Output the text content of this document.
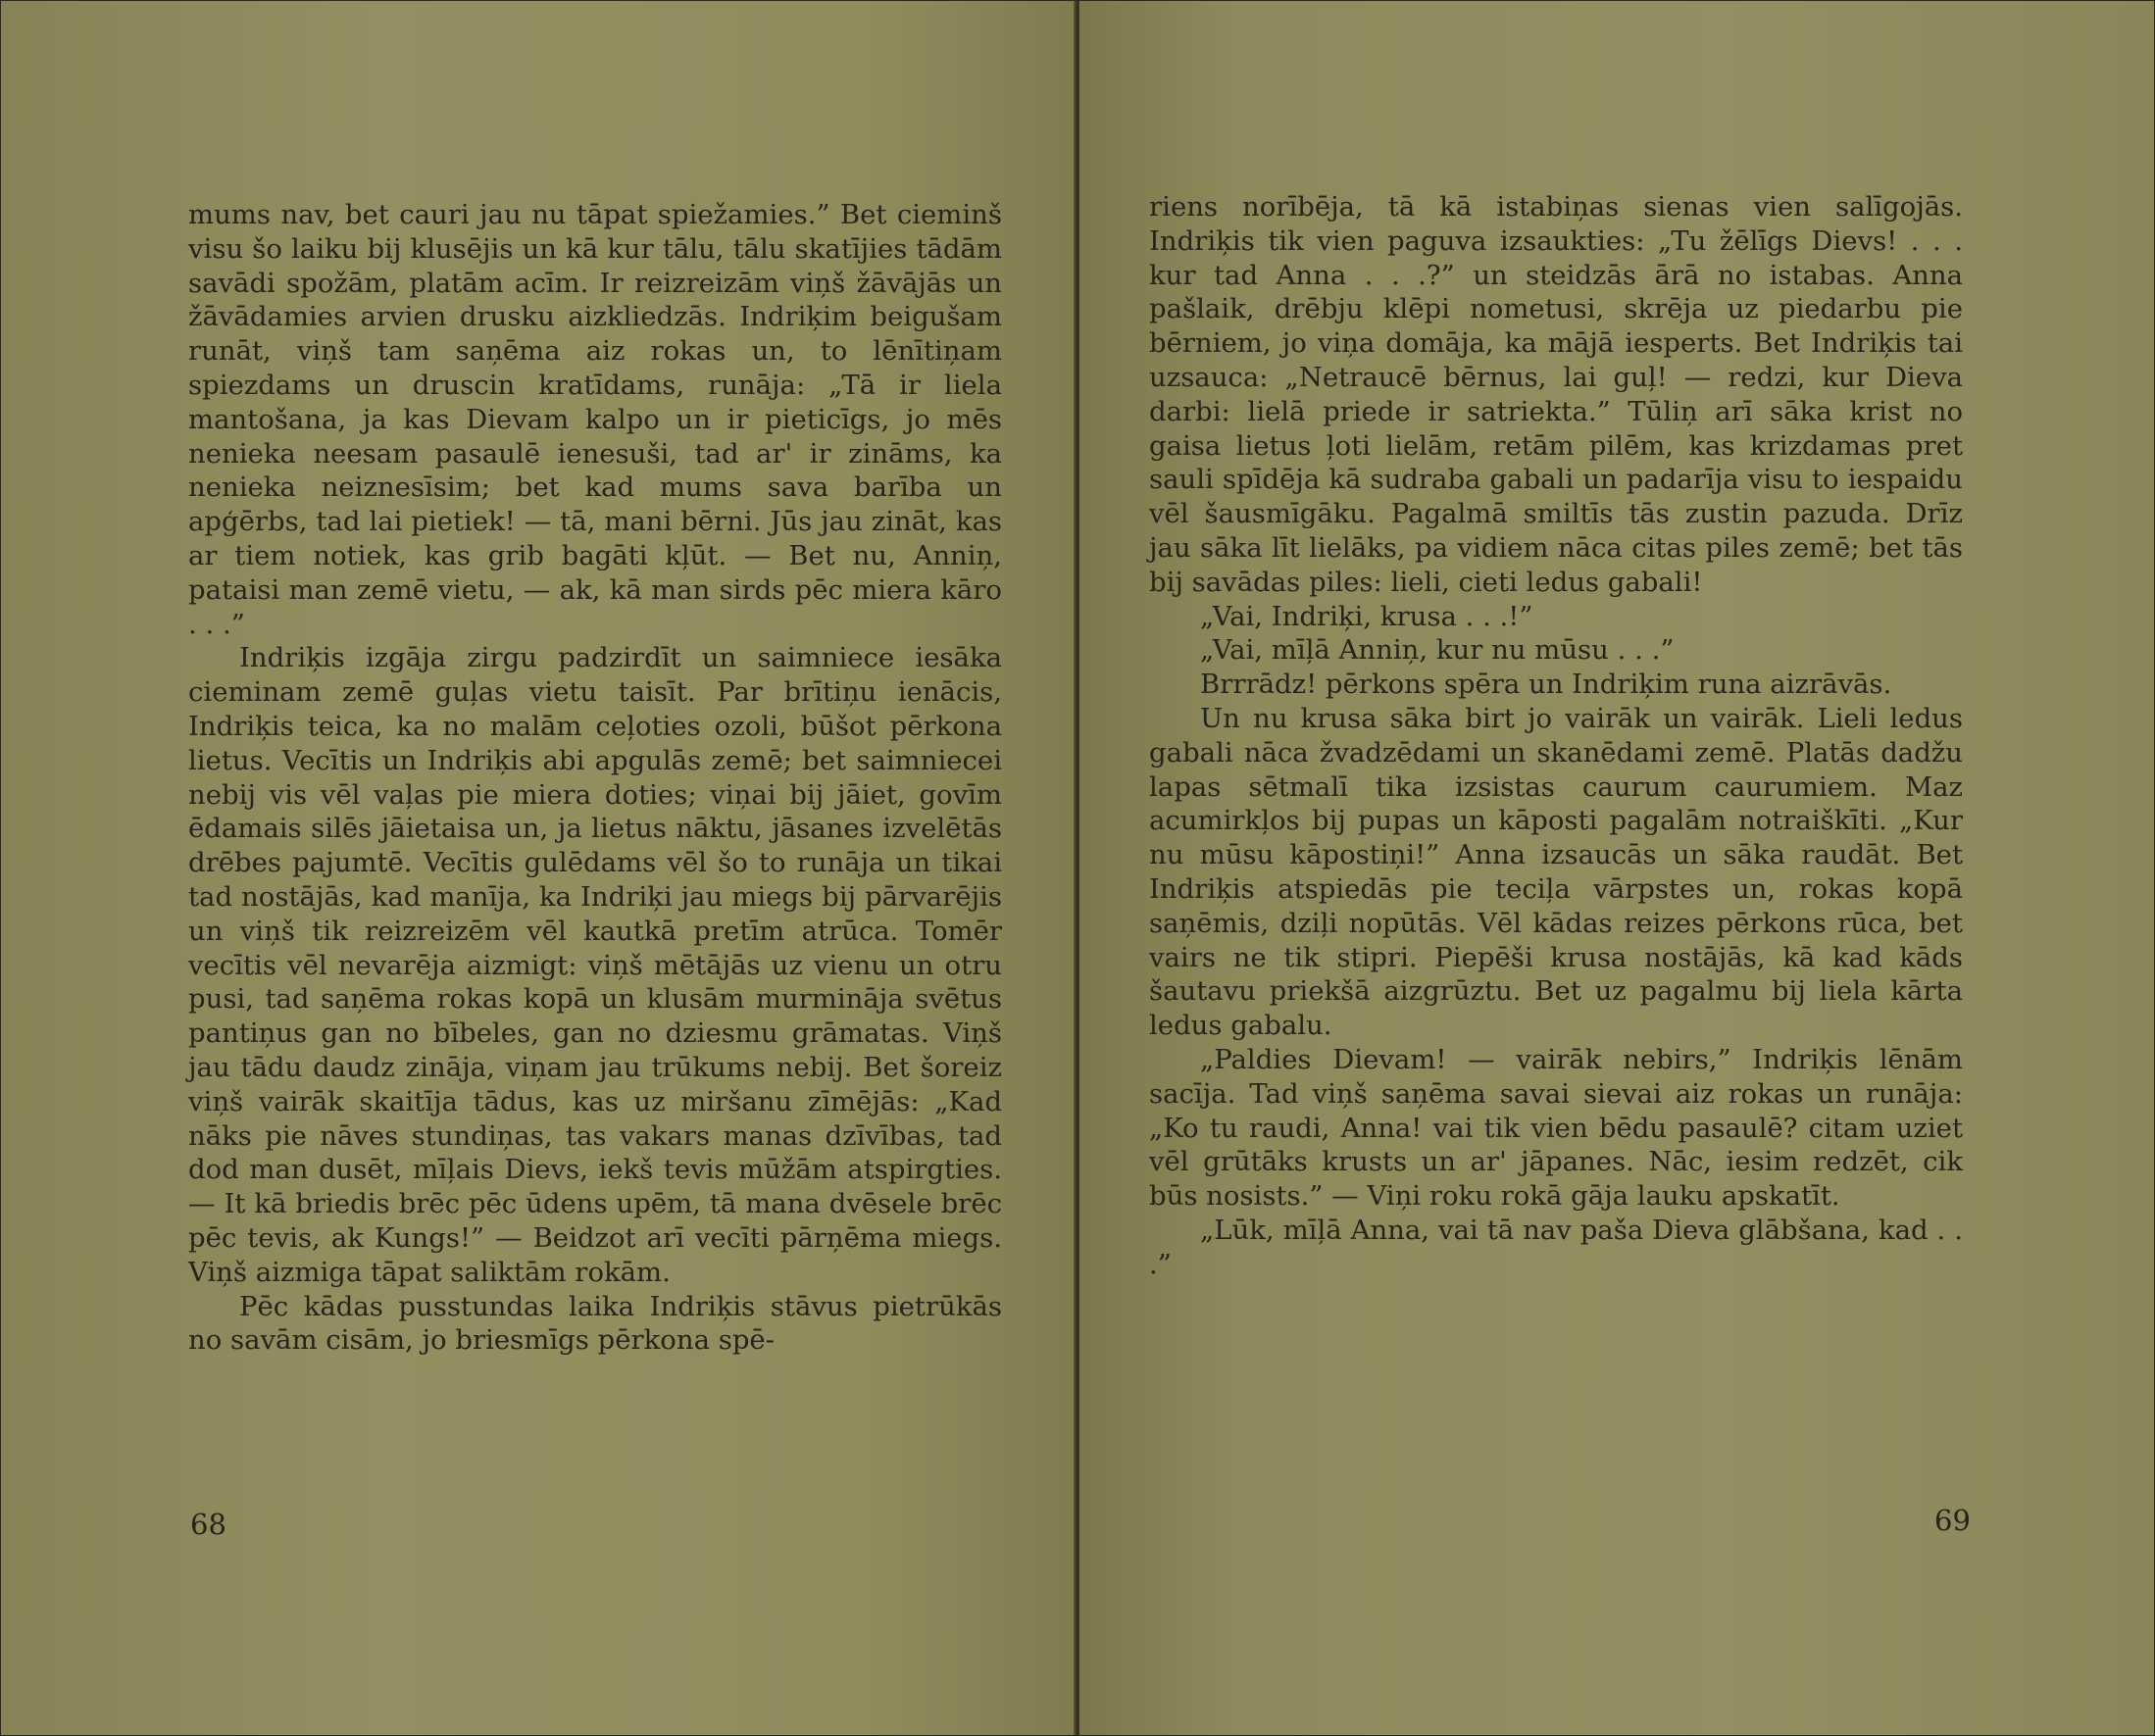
mums nav, bet cauri jau nu tāpat spiežamies.” Bet cieminš visu šo laiku bij klusējis un kā kur tālu, tālu skatījies tādām savādi spožām, platām acīm. Ir reizreizām viņš žāvājās un žāvādamies arvien drusku aizkliedzās. Indriķim beigušam runāt, viņš tam saņēma aiz rokas un, to lēnītiņam spiezdams un druscin kratīdams, runāja: „Tā ir liela mantošana, ja kas Dievam kalpo un ir pieticīgs, jo mēs nenieka neesam pasaulē ienesuši, tad ar' ir zināms, ka nenieka neiznesīsim; bet kad mums sava barība un apģērbs, tad lai pietiek! — tā, mani bērni. Jūs jau zināt, kas ar tiem notiek, kas grib bagāti kļūt. — Bet nu, Anniņ, pataisi man zemē vietu, — ak, kā man sirds pēc miera kāro . . .”

Indriķis izgāja zirgu padzirdīt un saimniece iesāka cieminam zemē guļas vietu taisīt. Par brītiņu ienācis, Indriķis teica, ka no malām ceļoties ozoli, būšot pērkona lietus. Vecītis un Indriķis abi apgulās zemē; bet saimniecei nebij vis vēl vaļas pie miera doties; viņai bij jāiet, govīm ēdamais silēs jāietaisa un, ja lietus nāktu, jāsanes izvelētās drēbes pajumtē. Vecītis gulēdams vēl šo to runāja un tikai tad nostājās, kad manīja, ka Indriķi jau miegs bij pārvarējis un viņš tik reizreizēm vēl kautkā pretīm atrūca. Tomēr vecītis vēl nevarēja aizmigt: viņš mētājās uz vienu un otru pusi, tad saņēma rokas kopā un klusām murmināja svētus pantiņus gan no bībeles, gan no dziesmu grāmatas. Viņš jau tādu daudz zināja, viņam jau trūkums nebij. Bet šoreiz viņš vairāk skaitīja tādus, kas uz miršanu zīmējās: „Kad nāks pie nāves stundiņas, tas vakars manas dzīvības, tad dod man dusēt, mīļais Dievs, iekš tevis mūžām atspirgties. — It kā briedis brēc pēc ūdens upēm, tā mana dvēsele brēc pēc tevis, ak Kungs!” — Beidzot arī vecīti pārņēma miegs. Viņš aizmiga tāpat saliktām rokām.

Pēc kādas pusstundas laika Indriķis stāvus pietrūkās no savām cisām, jo briesmīgs pērkona spē-

68

riens norībēja, tā kā istabiņas sienas vien salīgojās. Indriķis tik vien paguva izsaukties: „Tu žēlīgs Dievs! . . . kur tad Anna . . .?” un steidzās ārā no istabas. Anna pašlaik, drēbju klēpi nometusi, skrēja uz piedarbu pie bērniem, jo viņa domāja, ka mājā iesperts. Bet Indriķis tai uzsauca: „Netraucē bērnus, lai guļ! — redzi, kur Dieva darbi: lielā priede ir satriekta.” Tūliņ arī sāka krist no gaisa lietus ļoti lielām, retām pilēm, kas krizdamas pret sauli spīdēja kā sudraba gabali un padarīja visu to iespaidu vēl šausmīgāku. Pagalmā smiltīs tās zustin pazuda. Drīz jau sāka līt lielāks, pa vidiem nāca citas piles zemē; bet tās bij savādas piles: lieli, cieti ledus gabali!

„Vai, Indriķi, krusa . . .!”

„Vai, mīļā Anniņ, kur nu mūsu . . .”

Brrrādz! pērkons spēra un Indriķim runa aizrāvās.

Un nu krusa sāka birt jo vairāk un vairāk. Lieli ledus gabali nāca žvadzēdami un skanēdami zemē. Platās dadžu lapas sētmalī tika izsistas caurum caurumiem. Maz acumirkļos bij pupas un kāposti pagalām notraiškīti. „Kur nu mūsu kāpostiņi!” Anna izsaucās un sāka raudāt. Bet Indriķis atspiedās pie teciļa vārpstes un, rokas kopā saņēmis, dziļi nopūtās. Vēl kādas reizes pērkons rūca, bet vairs ne tik stipri. Piepēši krusa nostājās, kā kad kāds šautavu priekšā aizgrūztu. Bet uz pagalmu bij liela kārta ledus gabalu.

„Paldies Dievam! — vairāk nebirs,” Indriķis lēnām sacīja. Tad viņš saņēma savai sievai aiz rokas un runāja: „Ko tu raudi, Anna! vai tik vien bēdu pasaulē? citam uziet vēl grūtāks krusts un ar' jāpanes. Nāc, iesim redzēt, cik būs nosists.” — Viņi roku rokā gāja lauku apskatīt.

„Lūk, mīļā Anna, vai tā nav paša Dieva glābšana, kad . . .”

69
